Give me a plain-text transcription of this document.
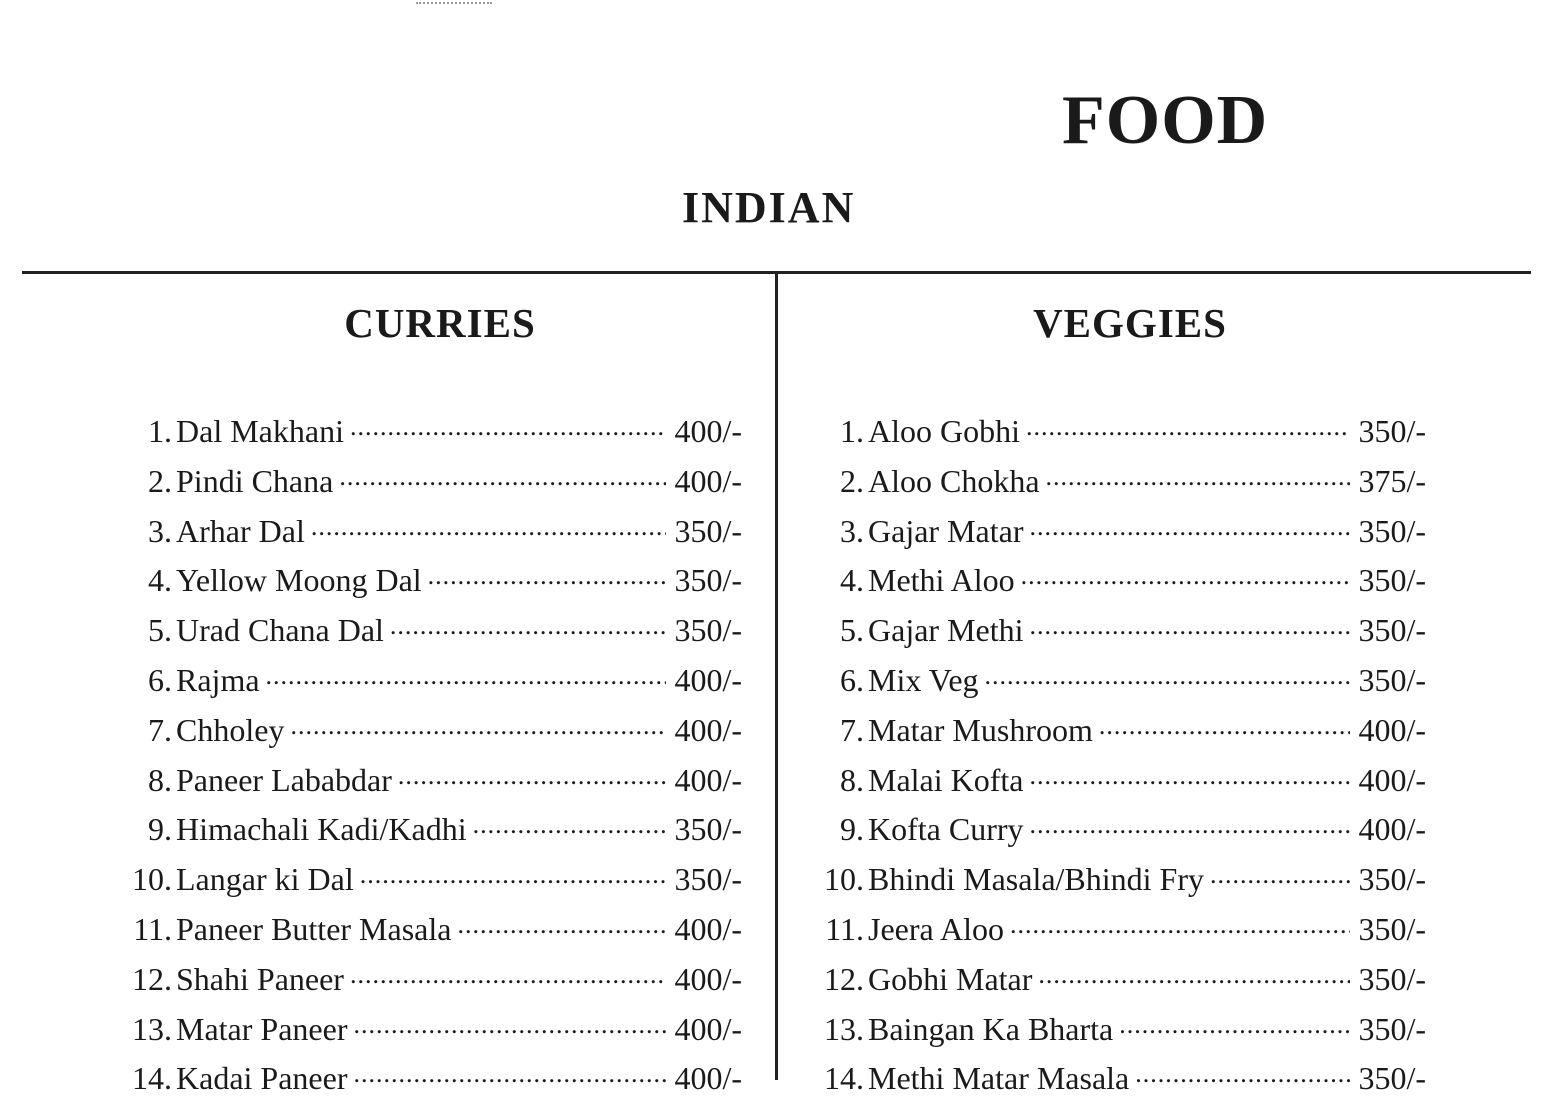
FOOD
INDIAN
CURRIES	VEGGIES
1. Dal Makhani .....	400/-
2. Pindi Chana .....	400/-
3. Arhar Dal .....	350/-
4. Yellow Moong Dal .....	350/-
5. Urad Chana Dal .....	350/-
6. Rajma .....	400/-
7. Chholey .....	400/-
8. Paneer Lababdar .....	400/-
9. Himachali Kadi/Kadhi .....	350/-
10. Langar ki Dal .....	350/-
11. Paneer Butter Masala .....	400/-
12. Shahi Paneer .....	400/-
13. Matar Paneer .....	400/-
14. Kadai Paneer .....	400/-
1. Aloo Gobhi .....	350/-
2. Aloo Chokha .....	375/-
3. Gajar Matar .....	350/-
4. Methi Aloo .....	350/-
5. Gajar Methi .....	350/-
6. Mix Veg .....	350/-
7. Matar Mushroom .....	400/-
8. Malai Kofta .....	400/-
9. Kofta Curry .....	400/-
10. Bhindi Masala/Bhindi Fry .....	350/-
11. Jeera Aloo .....	350/-
12. Gobhi Matar .....	350/-
13. Baingan Ka Bharta .....	350/-
14. Methi Matar Masala .....	350/-
